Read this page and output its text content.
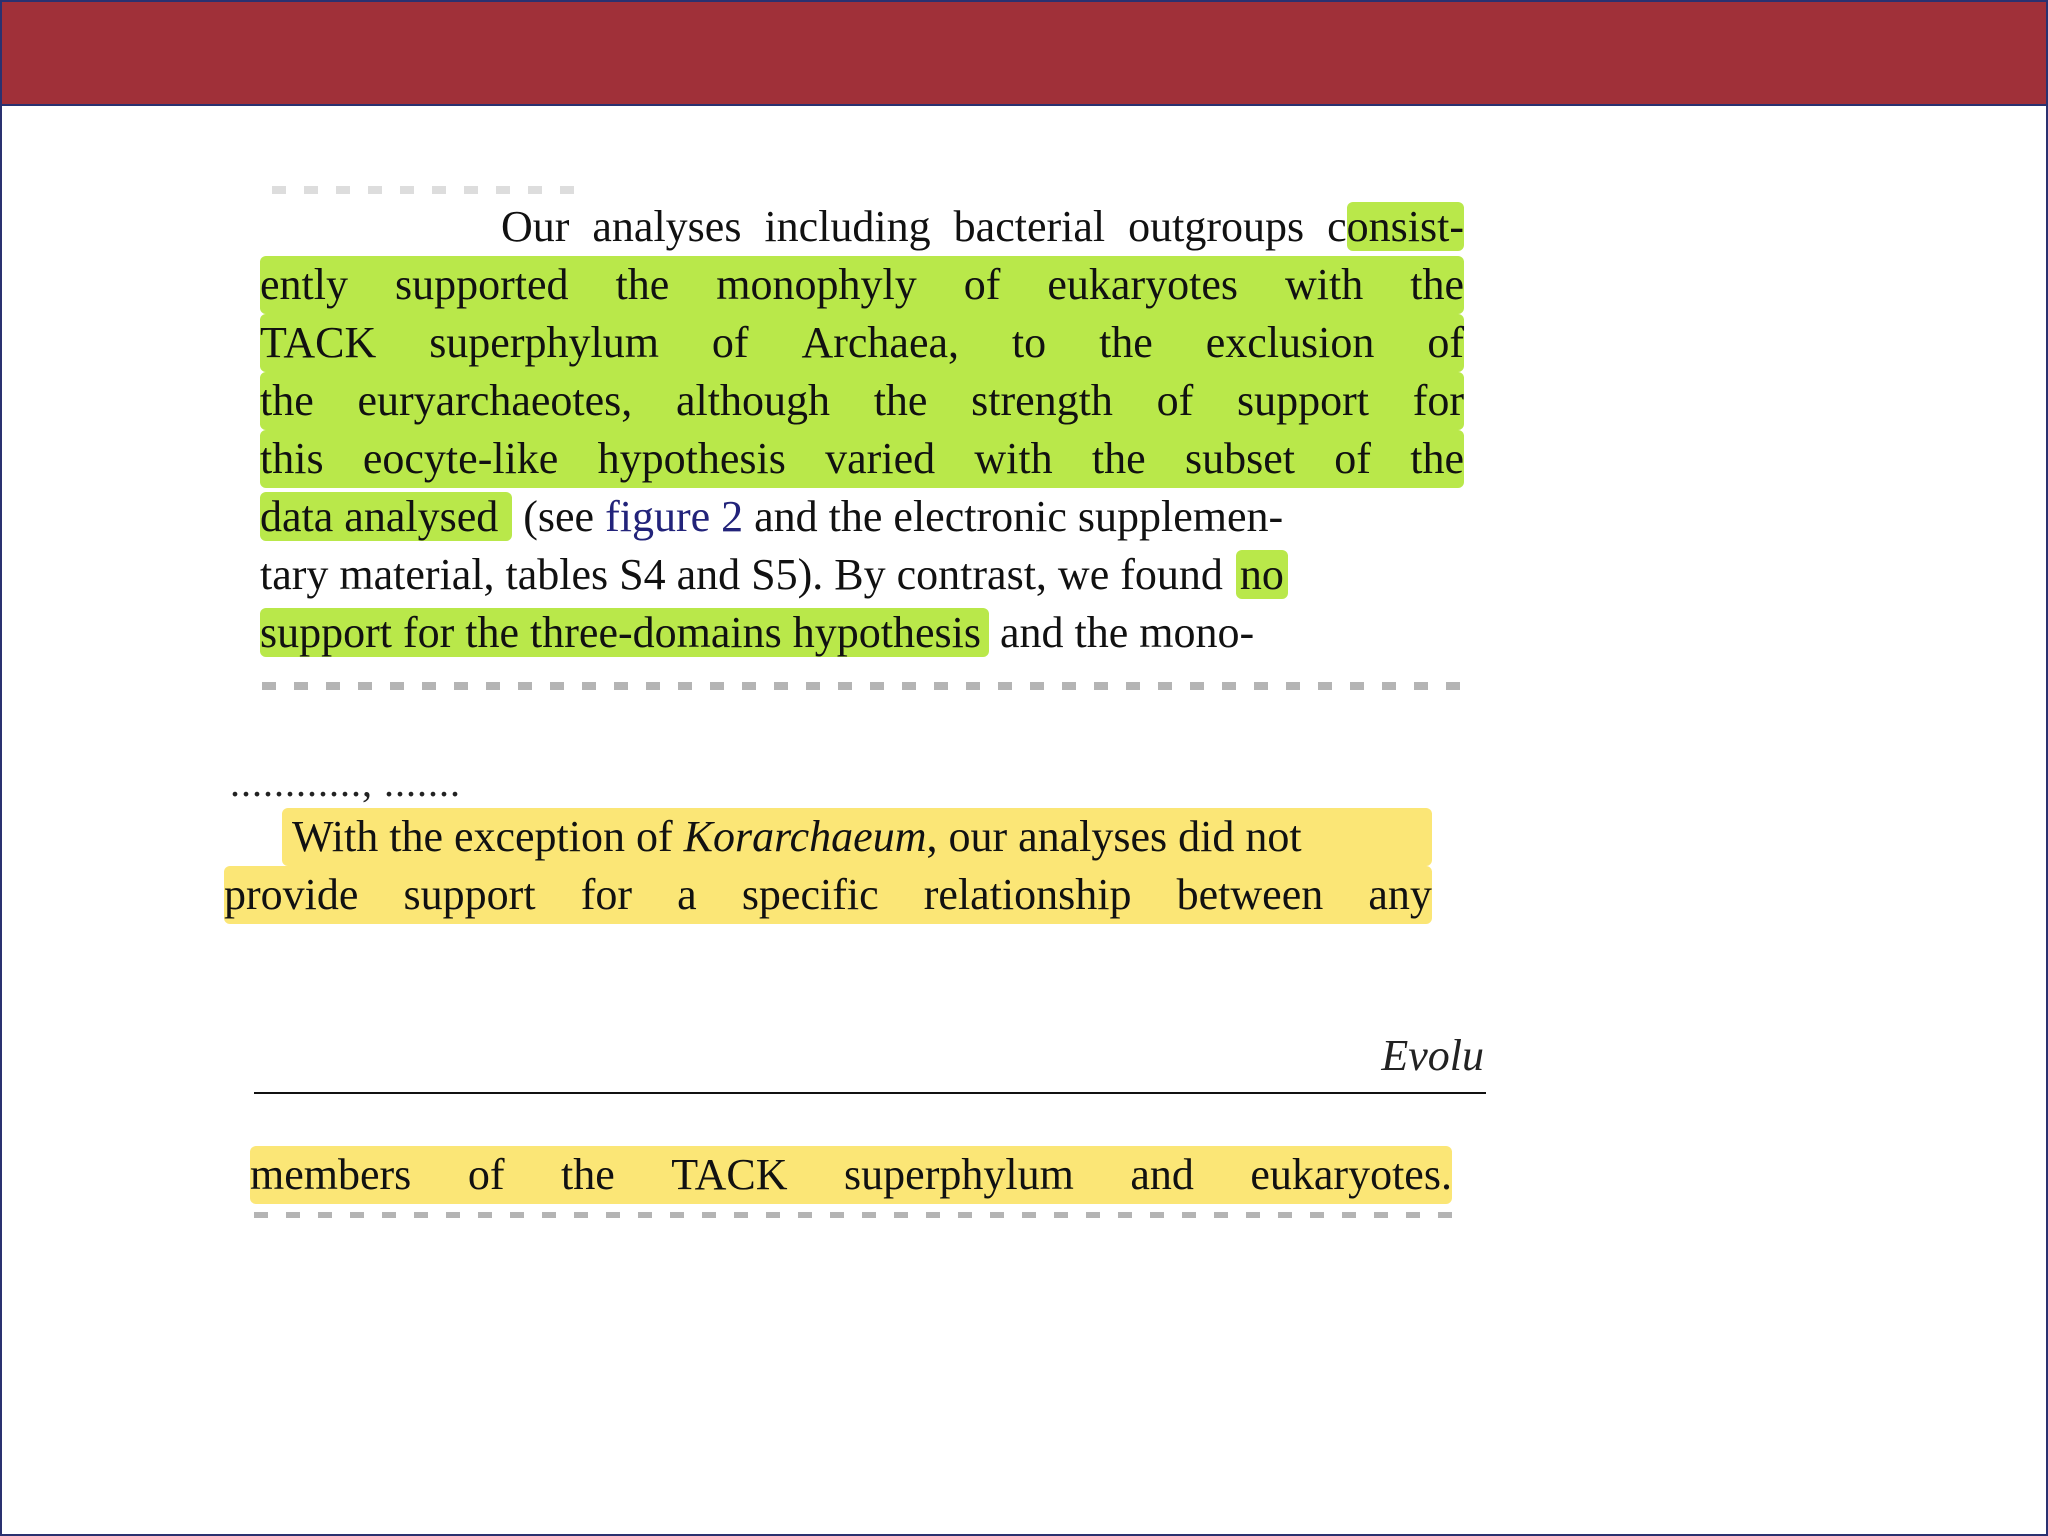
Our analyses including bacterial outgroups consist-
ently supported the monophyly of eukaryotes with the
TACK superphylum of Archaea, to the exclusion of
the euryarchaeotes, although the strength of support for
this eocyte-like hypothesis varied with the subset of the
data analysed (see figure 2 and the electronic supplemen-
tary material, tables S4 and S5). By contrast, we found no
support for the three-domains hypothesis and the mono-
............, .......
With the exception of Korarchaeum, our analyses did not
provide support for a specific relationship between any
Evolu
members of the TACK superphylum and eukaryotes.
